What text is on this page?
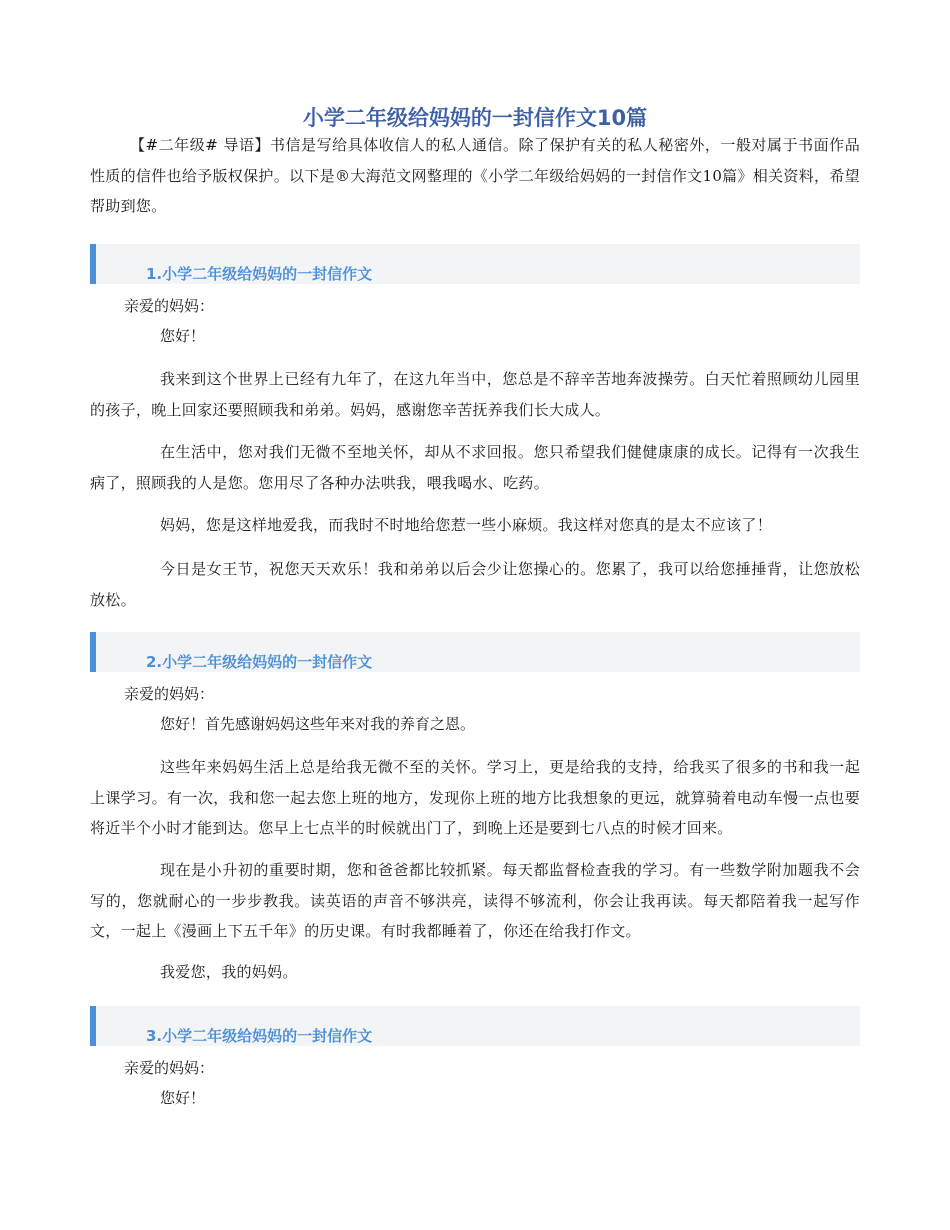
小学二年级给妈妈的一封信作文10篇

【#二年级# 导语】书信是写给具体收信人的私人通信。除了保护有关的私人秘密外，一般对属于书面作品性质的信件也给予版权保护。以下是®大海范文网整理的《小学二年级给妈妈的一封信作文10篇》相关资料，希望帮助到您。

1.小学二年级给妈妈的一封信作文

亲爱的妈妈：

您好！

我来到这个世界上已经有九年了，在这九年当中，您总是不辞辛苦地奔波操劳。白天忙着照顾幼儿园里的孩子，晚上回家还要照顾我和弟弟。妈妈，感谢您辛苦抚养我们长大成人。

在生活中，您对我们无微不至地关怀，却从不求回报。您只希望我们健健康康的成长。记得有一次我生病了，照顾我的人是您。您用尽了各种办法哄我，喂我喝水、吃药。

妈妈，您是这样地爱我，而我时不时地给您惹一些小麻烦。我这样对您真的是太不应该了！

今日是女王节，祝您天天欢乐！我和弟弟以后会少让您操心的。您累了，我可以给您捶捶背，让您放松放松。

2.小学二年级给妈妈的一封信作文

亲爱的妈妈：

您好！首先感谢妈妈这些年来对我的养育之恩。

这些年来妈妈生活上总是给我无微不至的关怀。学习上，更是给我的支持，给我买了很多的书和我一起上课学习。有一次，我和您一起去您上班的地方，发现你上班的地方比我想象的更远，就算骑着电动车慢一点也要将近半个小时才能到达。您早上七点半的时候就出门了，到晚上还是要到七八点的时候才回来。

现在是小升初的重要时期，您和爸爸都比较抓紧。每天都监督检查我的学习。有一些数学附加题我不会写的，您就耐心的一步步教我。读英语的声音不够洪亮，读得不够流利，你会让我再读。每天都陪着我一起写作文，一起上《漫画上下五千年》的历史课。有时我都睡着了，你还在给我打作文。

我爱您，我的妈妈。

3.小学二年级给妈妈的一封信作文

亲爱的妈妈：

您好！
